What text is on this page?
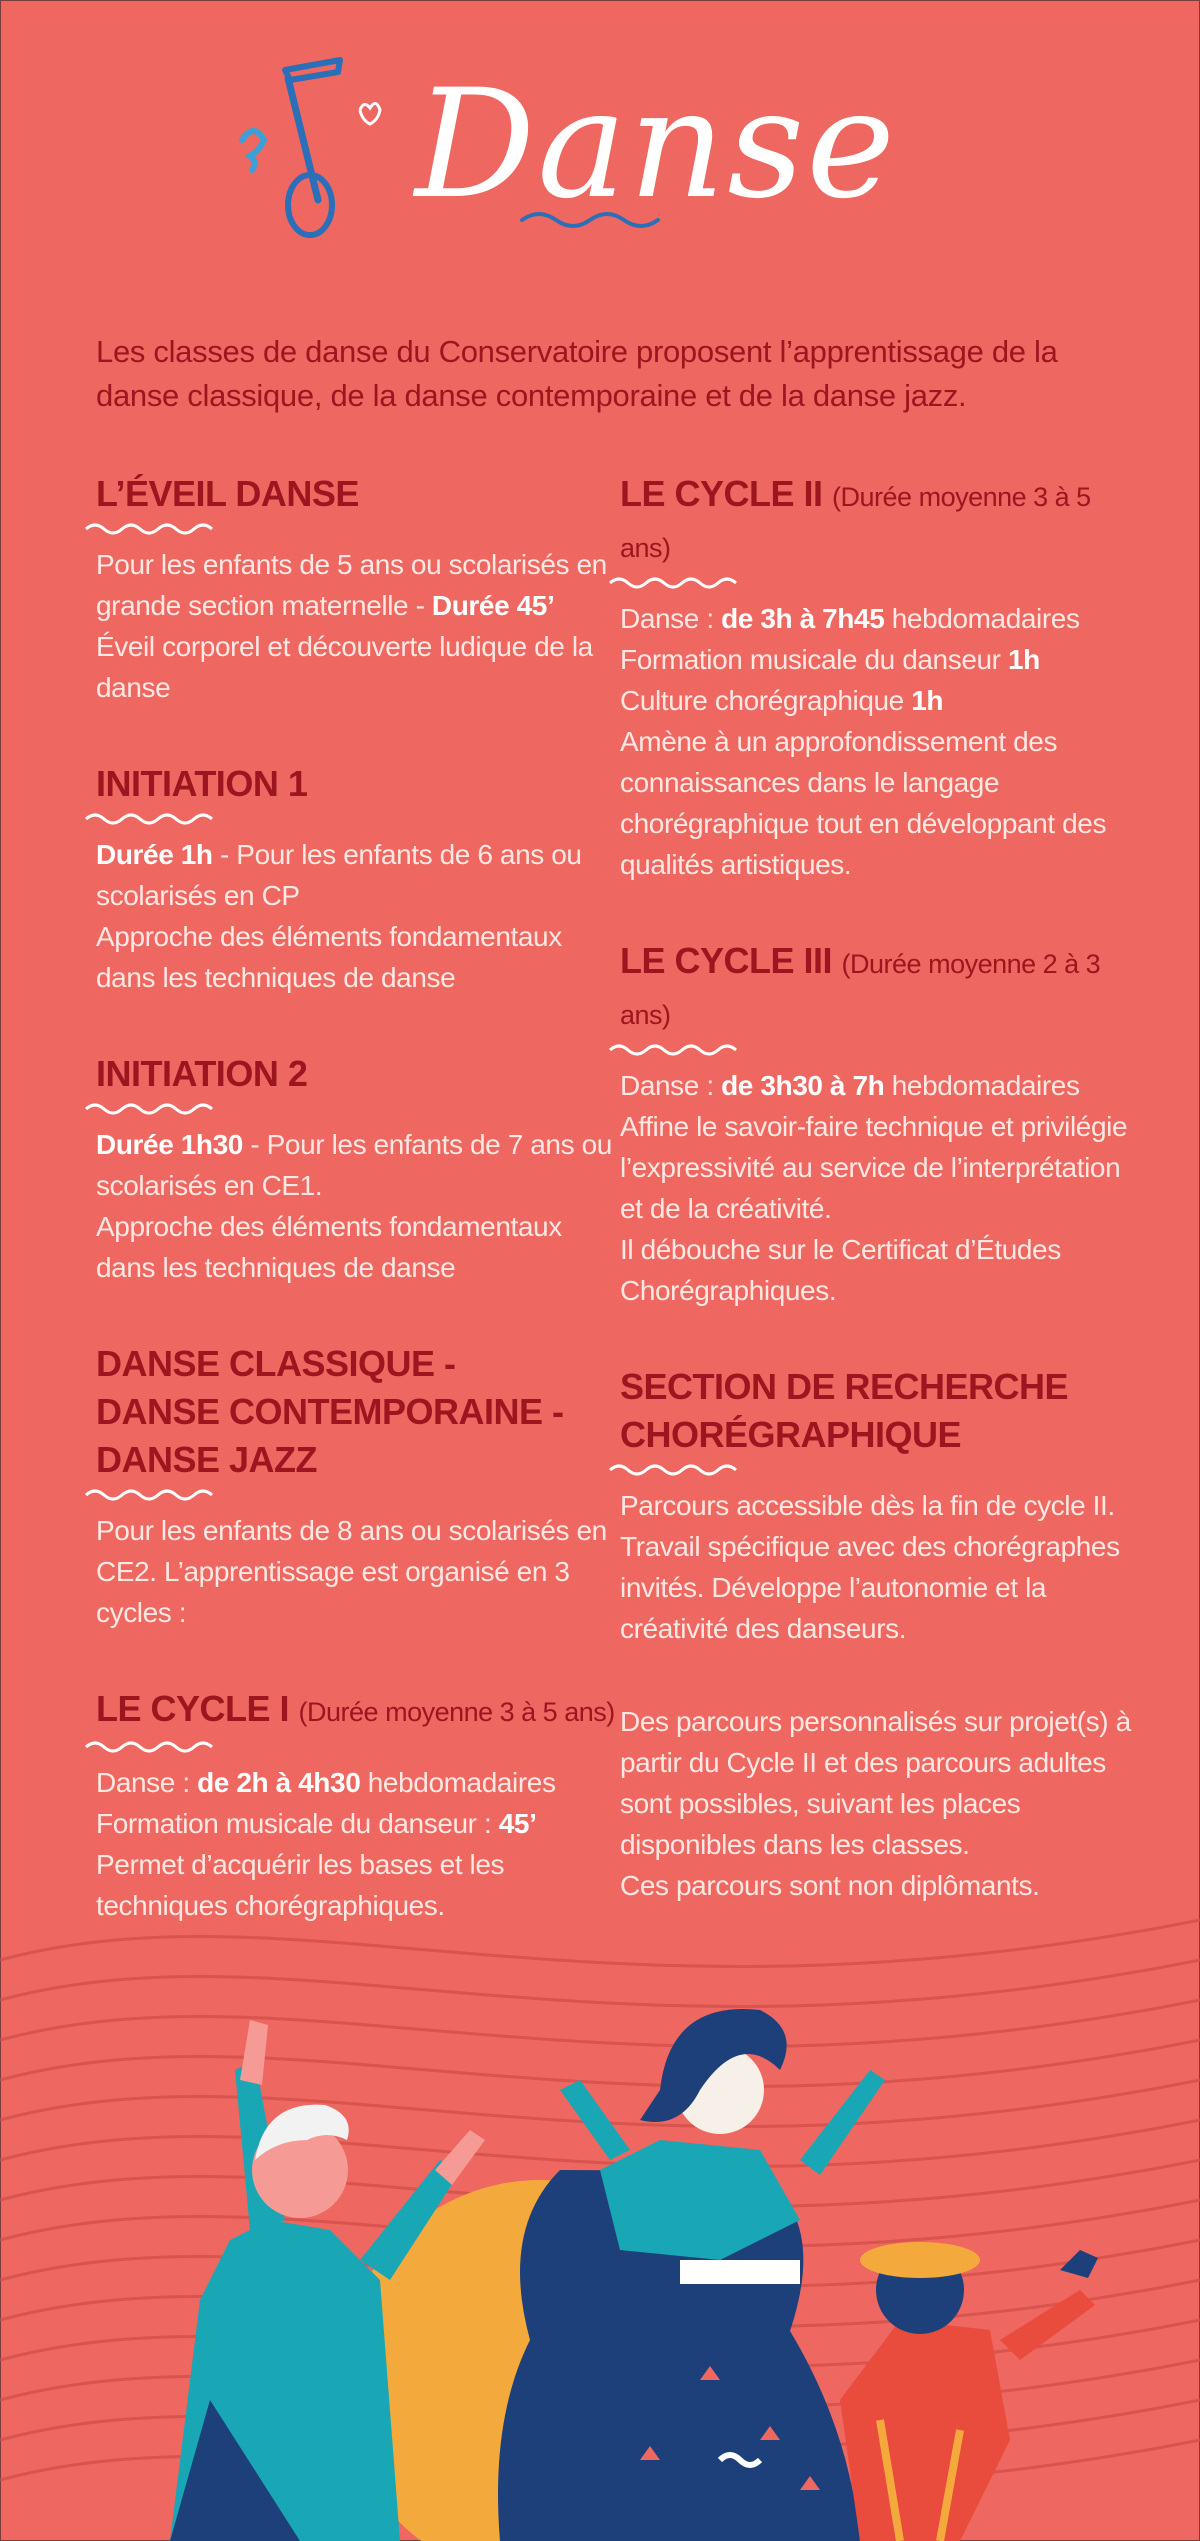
Danse
Les classes de danse du Conservatoire proposent l’apprentissage de la danse classique, de la danse contemporaine et de la danse jazz.
L’ÉVEIL DANSE

Pour les enfants de 5 ans ou scolarisés en grande section maternelle - Durée 45’

Éveil corporel et découverte ludique de la danse

INITIATION 1

Durée 1h - Pour les enfants de 6 ans ou scolarisés en CP

Approche des éléments fondamentaux dans les techniques de danse

INITIATION 2

Durée 1h30 - Pour les enfants de 7 ans ou scolarisés en CE1.

Approche des éléments fondamentaux dans les techniques de danse

DANSE CLASSIQUE -
DANSE CONTEMPORAINE -
DANSE JAZZ

Pour les enfants de 8 ans ou scolarisés en CE2. L’apprentissage est organisé en 3 cycles :

LE CYCLE I (Durée moyenne 3 à 5 ans)

Danse : de 2h à 4h30 hebdomadaires

Formation musicale du danseur : 45’

Permet d’acquérir les bases et les techniques chorégraphiques.

LE CYCLE II (Durée moyenne 3 à 5 ans)

Danse : de 3h à 7h45 hebdomadaires

Formation musicale du danseur 1h

Culture chorégraphique 1h

Amène à un approfondissement des connaissances dans le langage chorégraphique tout en développant des qualités artistiques.

LE CYCLE III (Durée moyenne 2 à 3 ans)

Danse : de 3h30 à 7h hebdomadaires

Affine le savoir-faire technique et privilégie l’expressivité au service de l’interprétation et de la créativité.

Il débouche sur le Certificat d’Études Chorégraphiques.

SECTION DE RECHERCHE
CHORÉGRAPHIQUE

Parcours accessible dès la fin de cycle II. Travail spécifique avec des chorégraphes invités. Développe l’autonomie et la créativité des danseurs.

Des parcours personnalisés sur projet(s) à partir du Cycle II et des parcours adultes sont possibles, suivant les places disponibles dans les classes.

Ces parcours sont non diplômants.
